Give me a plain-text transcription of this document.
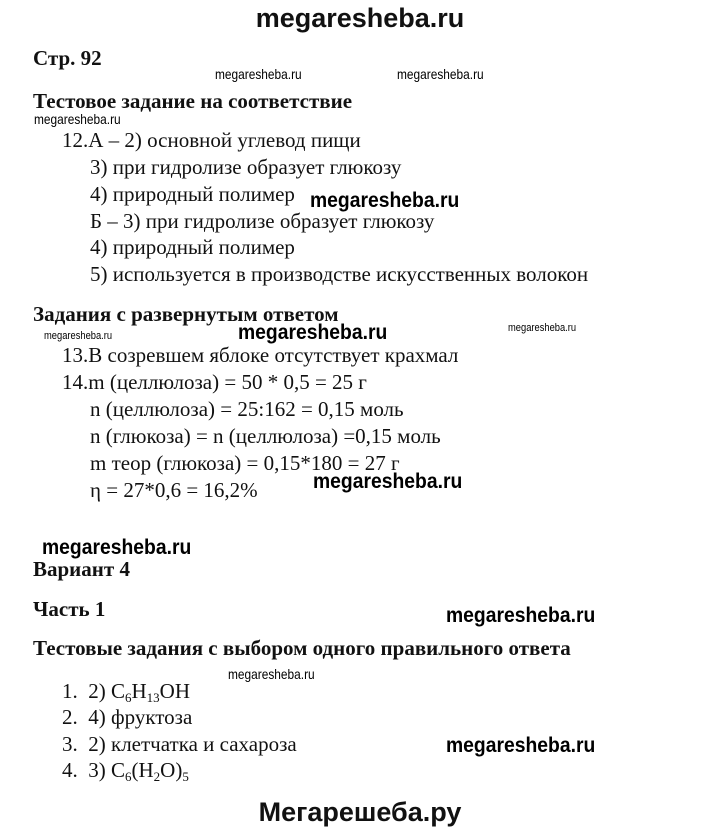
megaresheba.ru
Стр. 92
megaresheba.ru	megaresheba.ru
Тестовое задание на соответствие
megaresheba.ru
12.А – 2) основной углевод пищи
3) при гидролизе образует глюкозу
4) природный полимер
Б – 3) при гидролизе образует глюкозу
4) природный полимер
5) используется в производстве искусственных волокон
megaresheba.ru
Задания с развернутым ответом
megaresheba.ru	megaresheba.ru	megaresheba.ru
13.В созревшем яблоке отсутствует крахмал
14.m (целлюлоза) = 50 * 0,5 = 25 г
n (целлюлоза) = 25:162 = 0,15 моль
n (глюкоза) = n (целлюлоза) =0,15 моль
m теор (глюкоза) = 0,15*180 = 27 г
η = 27*0,6 = 16,2%	megaresheba.ru
megaresheba.ru
Вариант 4
Часть 1	megaresheba.ru
Тестовые задания с выбором одного правильного ответа
megaresheba.ru
1. 2) $C_6H_{13}OH$
2. 4) фруктоза
3. 2) клетчатка и сахароза
4. 3) $C_6(H_2O)_5$
megaresheba.ru
Мегарешеба.ру
